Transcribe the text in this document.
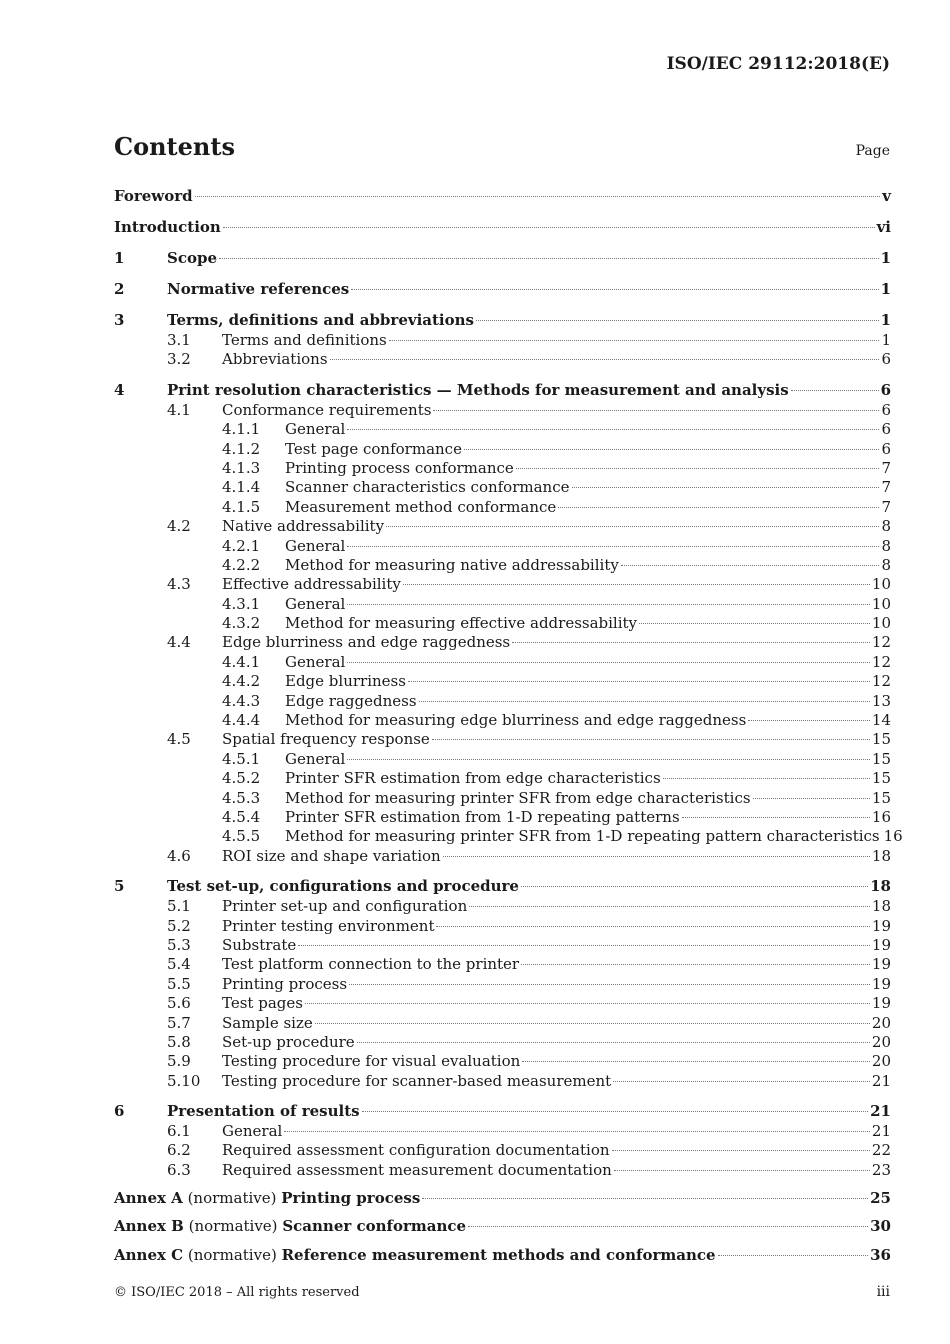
ISO/IEC 29112:2018(E)
Contents	Page
Foreword	v
Introduction	vi
1	Scope	1
2	Normative references	1
3	Terms, definitions and abbreviations	1
3.1	Terms and definitions	1
3.2	Abbreviations	6
4	Print resolution characteristics — Methods for measurement and analysis	6
4.1	Conformance requirements	6
4.1.1	General	6
4.1.2	Test page conformance	6
4.1.3	Printing process conformance	7
4.1.4	Scanner characteristics conformance	7
4.1.5	Measurement method conformance	7
4.2	Native addressability	8
4.2.1	General	8
4.2.2	Method for measuring native addressability	8
4.3	Effective addressability	10
4.3.1	General	10
4.3.2	Method for measuring effective addressability	10
4.4	Edge blurriness and edge raggedness	12
4.4.1	General	12
4.4.2	Edge blurriness	12
4.4.3	Edge raggedness	13
4.4.4	Method for measuring edge blurriness and edge raggedness	14
4.5	Spatial frequency response	15
4.5.1	General	15
4.5.2	Printer SFR estimation from edge characteristics	15
4.5.3	Method for measuring printer SFR from edge characteristics	15
4.5.4	Printer SFR estimation from 1-D repeating patterns	16
4.5.5	Method for measuring printer SFR from 1-D repeating pattern characteristics 16
4.6	ROI size and shape variation	18
5	Test set-up, configurations and procedure	18
5.1	Printer set-up and configuration	18
5.2	Printer testing environment	19
5.3	Substrate	19
5.4	Test platform connection to the printer	19
5.5	Printing process	19
5.6	Test pages	19
5.7	Sample size	20
5.8	Set-up procedure	20
5.9	Testing procedure for visual evaluation	20
5.10	Testing procedure for scanner-based measurement	21
6	Presentation of results	21
6.1	General	21
6.2	Required assessment configuration documentation	22
6.3	Required assessment measurement documentation	23
Annex A (normative) Printing process	25
Annex B (normative) Scanner conformance	30
Annex C (normative) Reference measurement methods and conformance	36
© ISO/IEC 2018 – All rights reserved	iii
